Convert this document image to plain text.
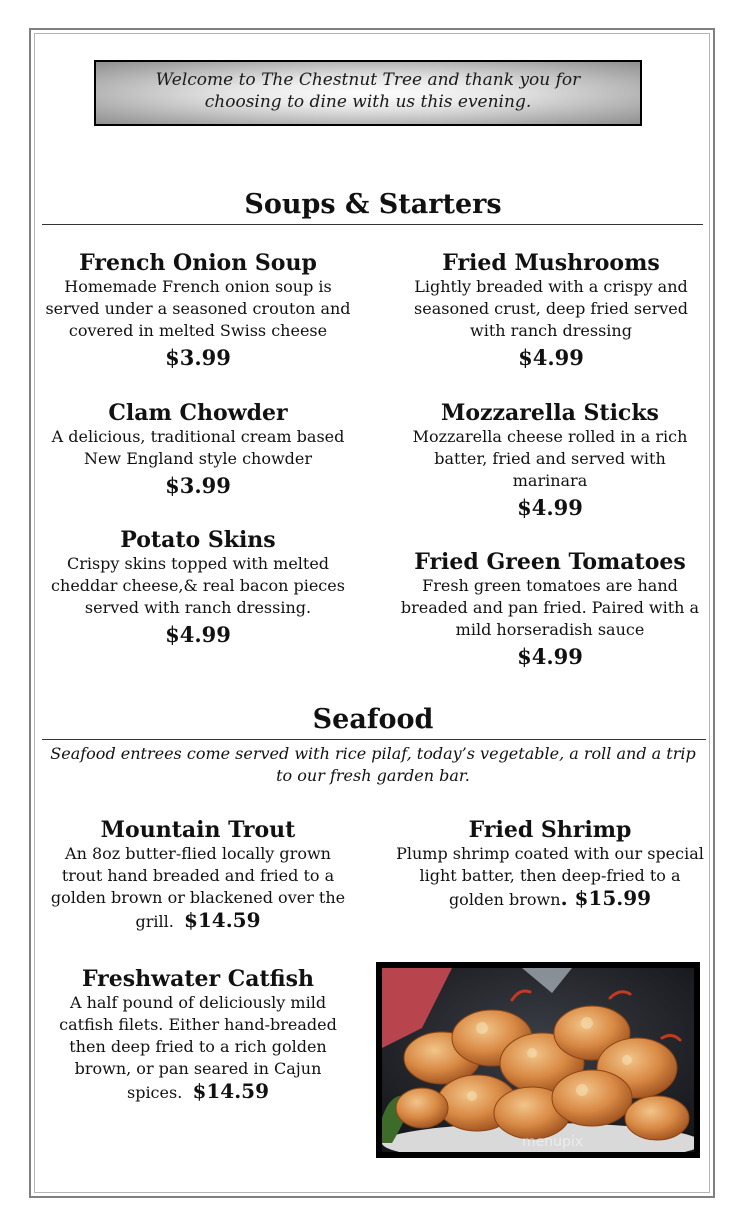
Welcome to The Chestnut Tree and thank you for choosing to dine with us this evening.
Soups & Starters
French Onion Soup
Homemade French onion soup is served under a seasoned crouton and covered in melted Swiss cheese
$3.99
Fried Mushrooms
Lightly breaded with a crispy and seasoned crust, deep fried served with ranch dressing
$4.99
Clam Chowder
A delicious, traditional cream based New England style chowder
$3.99
Mozzarella Sticks
Mozzarella cheese rolled in a rich batter, fried and served with marinara
$4.99
Potato Skins
Crispy skins topped with melted cheddar cheese,& real bacon pieces served with ranch dressing.
$4.99
Fried Green Tomatoes
Fresh green tomatoes are hand breaded and pan fried. Paired with a mild horseradish sauce
$4.99
Seafood
Seafood entrees come served with rice pilaf, today’s vegetable, a roll and a trip to our fresh garden bar.
Mountain Trout
An 8oz butter-flied locally grown trout hand breaded and fried to a golden brown or blackened over the grill. $14.59
Fried Shrimp
Plump shrimp coated with our special light batter, then deep-fried to a golden brown. $15.99
Freshwater Catfish
A half pound of deliciously mild catfish filets. Either hand-breaded then deep fried to a rich golden brown, or pan seared in Cajun spices. $14.59
menupix
